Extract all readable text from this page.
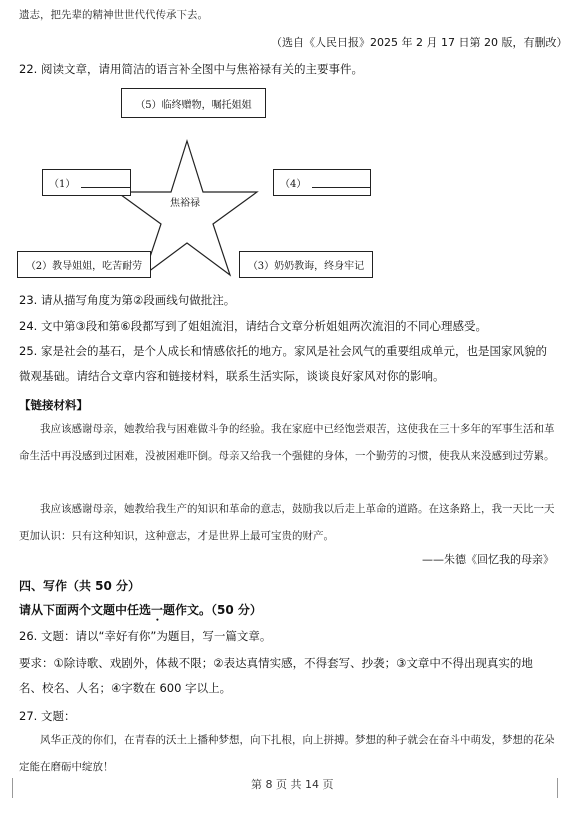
遗志，把先辈的精神世世代代传承下去。
（选自《人民日报》2025 年 2 月 17 日第 20 版，有删改）
22. 阅读文章，请用简洁的语言补全图中与焦裕禄有关的主要事件。
焦裕禄
（5）临终赠物，嘱托姐姐
（1）	（4）
（2）教导姐姐，吃苦耐劳	（3）奶奶教诲，终身牢记
23. 请从描写角度为第②段画线句做批注。
24. 文中第③段和第⑥段都写到了姐姐流泪，请结合文章分析姐姐两次流泪的不同心理感受。
25. 家是社会的基石，是个人成长和情感依托的地方。家风是社会风气的重要组成单元，也是国家风貌的微观基础。请结合文章内容和链接材料，联系生活实际，谈谈良好家风对你的影响。
【链接材料】
我应该感谢母亲，她教给我与困难做斗争的经验。我在家庭中已经饱尝艰苦，这使我在三十多年的军事生活和革命生活中再没感到过困难，没被困难吓倒。母亲又给我一个强健的身体，一个勤劳的习惯，使我从来没感到过劳累。
我应该感谢母亲，她教给我生产的知识和革命的意志，鼓励我以后走上革命的道路。在这条路上，我一天比一天更加认识：只有这种知识，这种意志，才是世界上最可宝贵的财产。
——朱德《回忆我的母亲》
四、写作（共 50 分）
请从下面两个文题中任选一题作文。（50 分）
26. 文题：请以“幸好有你”为题目，写一篇文章。
要求：①除诗歌、戏剧外，体裁不限；②表达真情实感，不得套写、抄袭；③文章中不得出现真实的地名、校名、人名；④字数在 600 字以上。
27. 文题：
风华正茂的你们，在青春的沃土上播种梦想，向下扎根，向上拼搏。梦想的种子就会在奋斗中萌发，梦想的花朵定能在磨砺中绽放！
第 8 页 共 14 页
